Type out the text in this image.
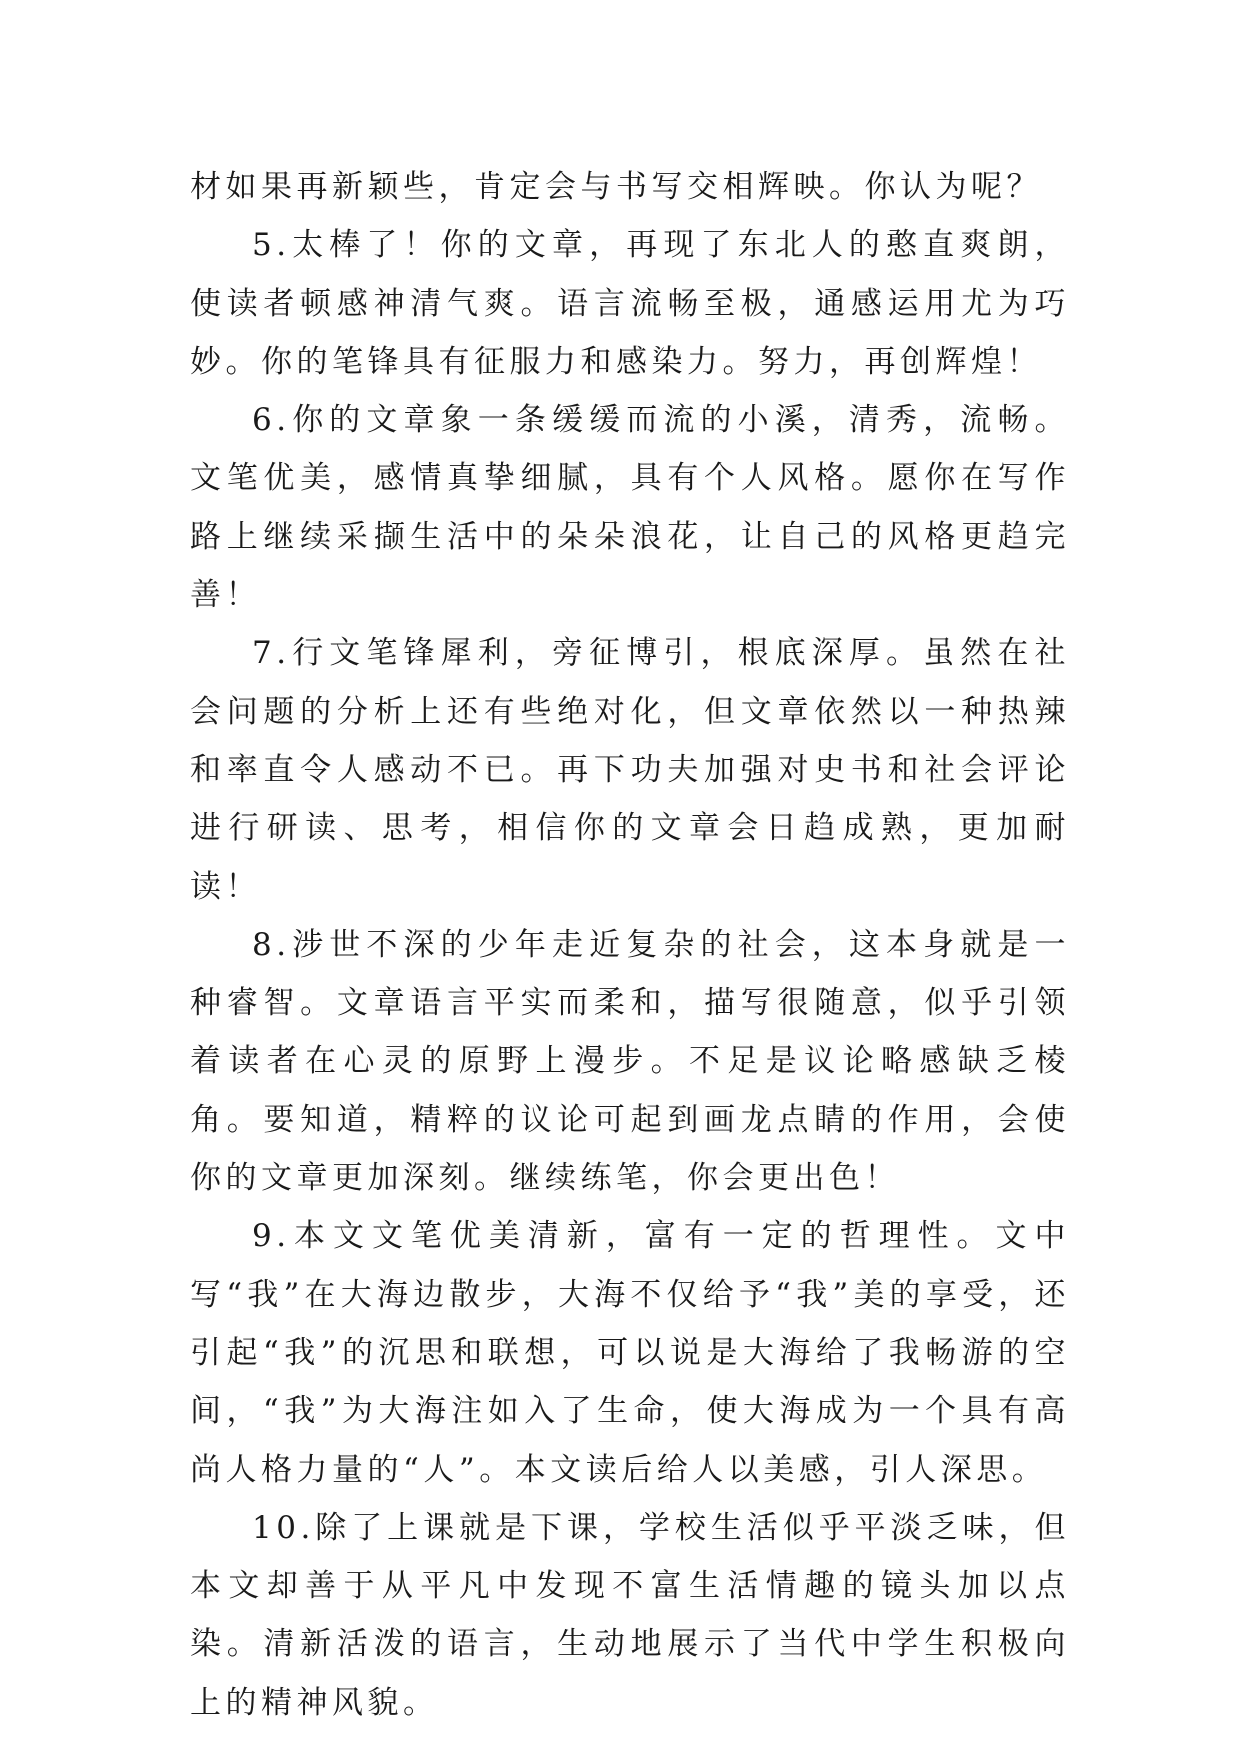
材如果再新颖些，肯定会与书写交相辉映。你认为呢？

5.太棒了！你的文章，再现了东北人的憨直爽朗，使读者顿感神清气爽。语言流畅至极，通感运用尤为巧妙。你的笔锋具有征服力和感染力。努力，再创辉煌！

6.你的文章象一条缓缓而流的小溪，清秀，流畅。文笔优美，感情真挚细腻，具有个人风格。愿你在写作路上继续采撷生活中的朵朵浪花，让自己的风格更趋完善！

7.行文笔锋犀利，旁征博引，根底深厚。虽然在社会问题的分析上还有些绝对化，但文章依然以一种热辣和率直令人感动不已。再下功夫加强对史书和社会评论进行研读、思考，相信你的文章会日趋成熟，更加耐读！

8.涉世不深的少年走近复杂的社会，这本身就是一种睿智。文章语言平实而柔和，描写很随意，似乎引领着读者在心灵的原野上漫步。不足是议论略感缺乏棱角。要知道，精粹的议论可起到画龙点睛的作用，会使你的文章更加深刻。继续练笔，你会更出色！

9.本文文笔优美清新，富有一定的哲理性。文中写“我”在大海边散步，大海不仅给予“我”美的享受，还引起“我”的沉思和联想，可以说是大海给了我畅游的空间，“我”为大海注如入了生命，使大海成为一个具有高尚人格力量的“人”。本文读后给人以美感，引人深思。

10.除了上课就是下课，学校生活似乎平淡乏味，但本文却善于从平凡中发现不富生活情趣的镜头加以点染。清新活泼的语言，生动地展示了当代中学生积极向上的精神风貌。
